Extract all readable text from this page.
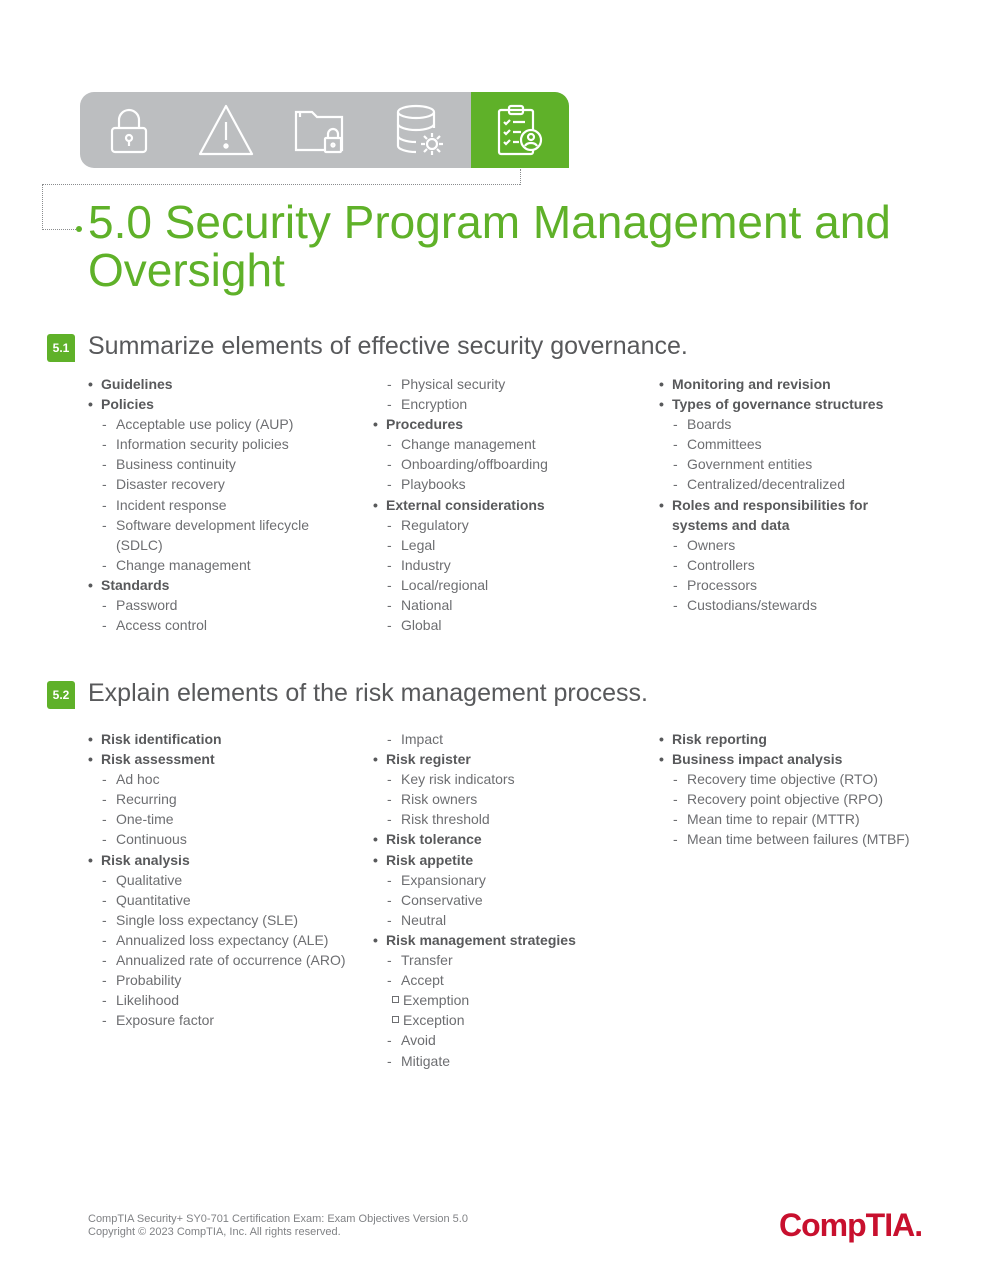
5.0 Security Program Management and Oversight
5.1 Summarize elements of effective security governance.
• Guidelines
• Policies
- Acceptable use policy (AUP)
- Information security policies
- Business continuity
- Disaster recovery
- Incident response
- Software development lifecycle (SDLC)
- Change management
• Standards
- Password
- Access control
- Physical security
- Encryption
• Procedures
- Change management
- Onboarding/offboarding
- Playbooks
• External considerations
- Regulatory
- Legal
- Industry
- Local/regional
- National
- Global
• Monitoring and revision
• Types of governance structures
- Boards
- Committees
- Government entities
- Centralized/decentralized
• Roles and responsibilities for systems and data
- Owners
- Controllers
- Processors
- Custodians/stewards
5.2 Explain elements of the risk management process.
• Risk identification
• Risk assessment
- Ad hoc
- Recurring
- One-time
- Continuous
• Risk analysis
- Qualitative
- Quantitative
- Single loss expectancy (SLE)
- Annualized loss expectancy (ALE)
- Annualized rate of occurrence (ARO)
- Probability
- Likelihood
- Exposure factor
- Impact
• Risk register
- Key risk indicators
- Risk owners
- Risk threshold
• Risk tolerance
• Risk appetite
- Expansionary
- Conservative
- Neutral
• Risk management strategies
- Transfer
- Accept
Exemption
Exception
- Avoid
- Mitigate
• Risk reporting
• Business impact analysis
- Recovery time objective (RTO)
- Recovery point objective (RPO)
- Mean time to repair (MTTR)
- Mean time between failures (MTBF)
CompTIA Security+ SY0-701 Certification Exam: Exam Objectives Version 5.0
Copyright © 2023 CompTIA, Inc. All rights reserved.	CompTIA.
